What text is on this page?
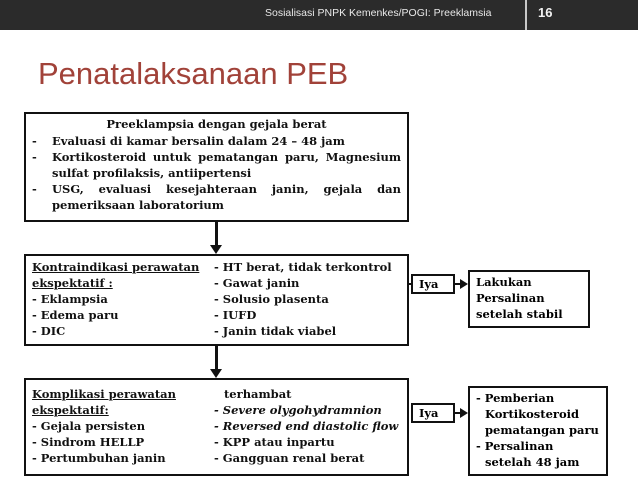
Sosialisasi PNPK Kemenkes/POGI: Preeklamsia	16
Penatalaksanaan PEB
Preeklampsia dengan gejala berat
-	Evaluasi di kamar bersalin dalam 24 – 48 jam
-	Kortikosteroid untuk pematangan paru, Magnesium sulfat profilaksis, antiipertensi
-	USG, evaluasi kesejahteraan janin, gejala dan pemeriksaan laboratorium
Kontraindikasi perawatan
ekspektatif :
- Eklampsia
- Edema paru
- DIC
- HT berat, tidak terkontrol
- Gawat janin
- Solusio plasenta
- IUFD
- Janin tidak viabel
Komplikasi perawatan
ekspektatif:
- Gejala persisten
- Sindrom HELLP
- Pertumbuhan janin
terhambat
- Severe olygohydramnion
- Reversed end diastolic flow
- KPP atau inpartu
- Gangguan renal berat
Iya	Lakukan
Persalinan
setelah stabil
Iya
- Pemberian
Kortikosteroid
pematangan paru
- Persalinan
setelah 48 jam
